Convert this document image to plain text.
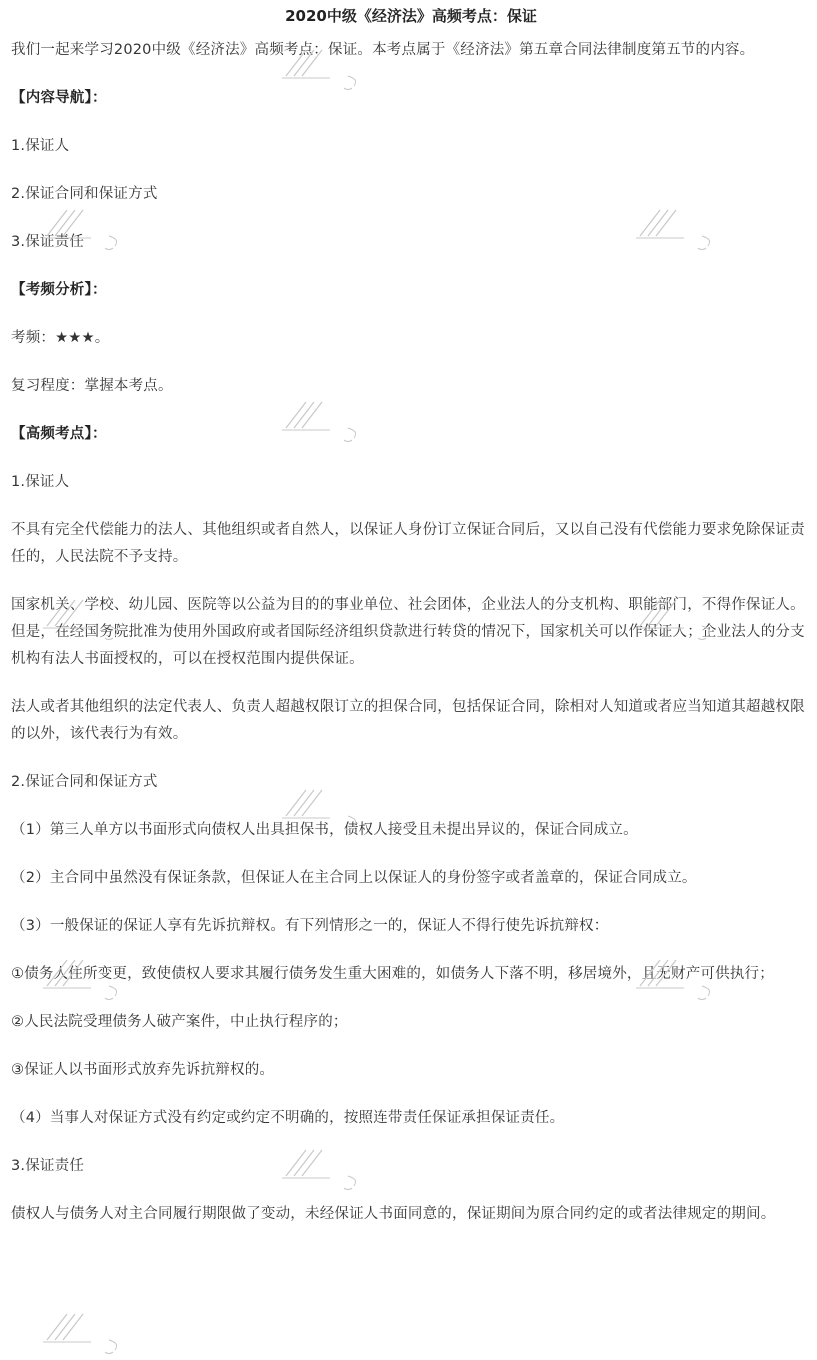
2020中级《经济法》高频考点：保证

我们一起来学习2020中级《经济法》高频考点：保证。本考点属于《经济法》第五章合同法律制度第五节的内容。

【内容导航】：

1.保证人

2.保证合同和保证方式

3.保证责任

【考频分析】：

考频：★★★。

复习程度：掌握本考点。

【高频考点】：

1.保证人

不具有完全代偿能力的法人、其他组织或者自然人，以保证人身份订立保证合同后，又以自己没有代偿能力要求免除保证责任的，人民法院不予支持。

国家机关、学校、幼儿园、医院等以公益为目的的事业单位、社会团体，企业法人的分支机构、职能部门，不得作保证人。但是，在经国务院批准为使用外国政府或者国际经济组织贷款进行转贷的情况下，国家机关可以作保证人；企业法人的分支机构有法人书面授权的，可以在授权范围内提供保证。

法人或者其他组织的法定代表人、负责人超越权限订立的担保合同，包括保证合同，除相对人知道或者应当知道其超越权限的以外，该代表行为有效。

2.保证合同和保证方式

（1）第三人单方以书面形式向债权人出具担保书，债权人接受且未提出异议的，保证合同成立。

（2）主合同中虽然没有保证条款，但保证人在主合同上以保证人的身份签字或者盖章的，保证合同成立。

（3）一般保证的保证人享有先诉抗辩权。有下列情形之一的，保证人不得行使先诉抗辩权：

①债务人住所变更，致使债权人要求其履行债务发生重大困难的，如债务人下落不明，移居境外，且无财产可供执行；

②人民法院受理债务人破产案件，中止执行程序的；

③保证人以书面形式放弃先诉抗辩权的。

（4）当事人对保证方式没有约定或约定不明确的，按照连带责任保证承担保证责任。

3.保证责任

债权人与债务人对主合同履行期限做了变动，未经保证人书面同意的，保证期间为原合同约定的或者法律规定的期间。
